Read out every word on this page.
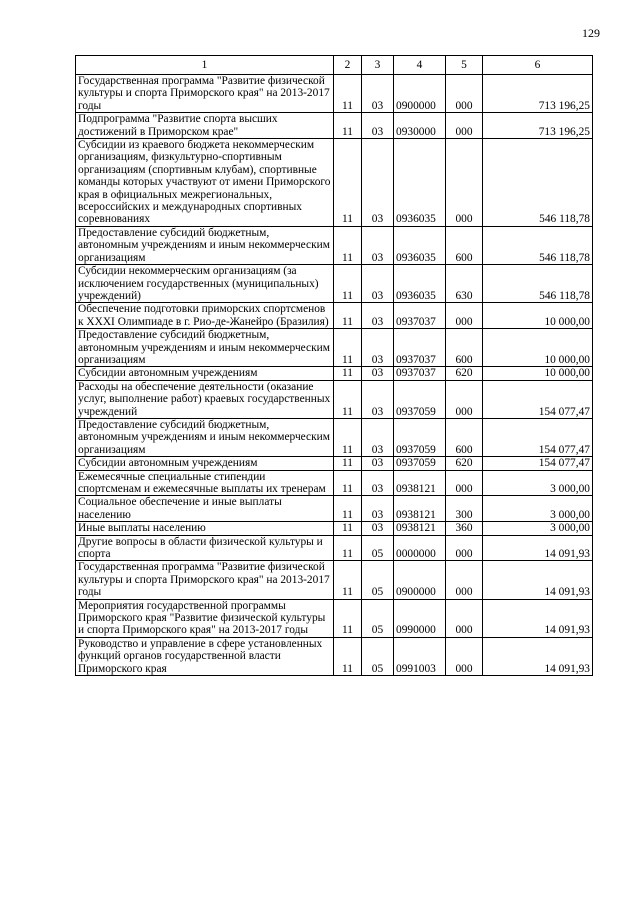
129
1	2	3	4	5	6
Государственная программа "Развитие физической культуры и спорта Приморского края" на 2013-2017 годы	11	03	0900000	000	713 196,25
Подпрограмма "Развитие спорта высших достижений в Приморском крае"	11	03	0930000	000	713 196,25
Субсидии из краевого бюджета некоммерческим организациям, физкультурно-спортивным организациям (спортивным клубам), спортивные команды которых участвуют от имени Приморского края в официальных межрегиональных, всероссийских и международных спортивных соревнованиях	11	03	0936035	000	546 118,78
Предоставление субсидий бюджетным, автономным учреждениям и иным некоммерческим организациям	11	03	0936035	600	546 118,78
Субсидии некоммерческим организациям (за исключением государственных (муниципальных) учреждений)	11	03	0936035	630	546 118,78
Обеспечение подготовки приморских спортсменов к XXXI Олимпиаде в г. Рио-де-Жанейро (Бразилия)	11	03	0937037	000	10 000,00
Предоставление субсидий бюджетным, автономным учреждениям и иным некоммерческим организациям	11	03	0937037	600	10 000,00
Субсидии автономным учреждениям	11	03	0937037	620	10 000,00
Расходы на обеспечение деятельности (оказание услуг, выполнение работ) краевых государственных учреждений	11	03	0937059	000	154 077,47
Предоставление субсидий бюджетным, автономным учреждениям и иным некоммерческим организациям	11	03	0937059	600	154 077,47
Субсидии автономным учреждениям	11	03	0937059	620	154 077,47
Ежемесячные специальные стипендии спортсменам и ежемесячные выплаты их тренерам	11	03	0938121	000	3 000,00
Социальное обеспечение и иные выплаты населению	11	03	0938121	300	3 000,00
Иные выплаты населению	11	03	0938121	360	3 000,00
Другие вопросы в области физической культуры и спорта	11	05	0000000	000	14 091,93
Государственная программа "Развитие физической культуры и спорта Приморского края" на 2013-2017 годы	11	05	0900000	000	14 091,93
Мероприятия государственной программы Приморского края "Развитие физической культуры и спорта Приморского края" на 2013-2017 годы	11	05	0990000	000	14 091,93
Руководство и управление в сфере установленных функций органов государственной власти Приморского края	11	05	0991003	000	14 091,93
